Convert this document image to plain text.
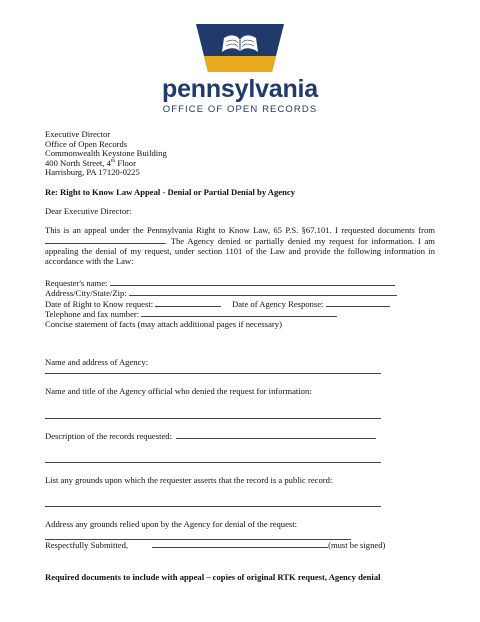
pennsylvania
OFFICE OF OPEN RECORDS

Executive Director

Office of Open Records

Commonwealth Keystone Building

400 North Street, 4th Floor

Harrisburg, PA 17120-0225

Re: Right to Know Law Appeal - Denial or Partial Denial by Agency

Dear Executive Director:

This is an appeal under the Pennsylvania Right to Know Law, 65 P.S. §67.101. I requested documents from . The Agency denied or partially denied my request for information. I am appealing the denial of my request, under section 1101 of the Law and provide the following information in accordance with the Law:

Requester's name:

Address/City/State/Zip:

Date of Right to Know request:	Date of Agency Response:

Telephone and fax number:

Concise statement of facts (may attach additional pages if necessary)

Name and address of Agency:

Name and title of the Agency official who denied the request for information:

Description of the records requested:

List any grounds upon which the requester asserts that the record is a public record:

Address any grounds relied upon by the Agency for denial of the request:

Respectfully Submitted,	(must be signed)

Required documents to include with appeal – copies of original RTK request, Agency denial
